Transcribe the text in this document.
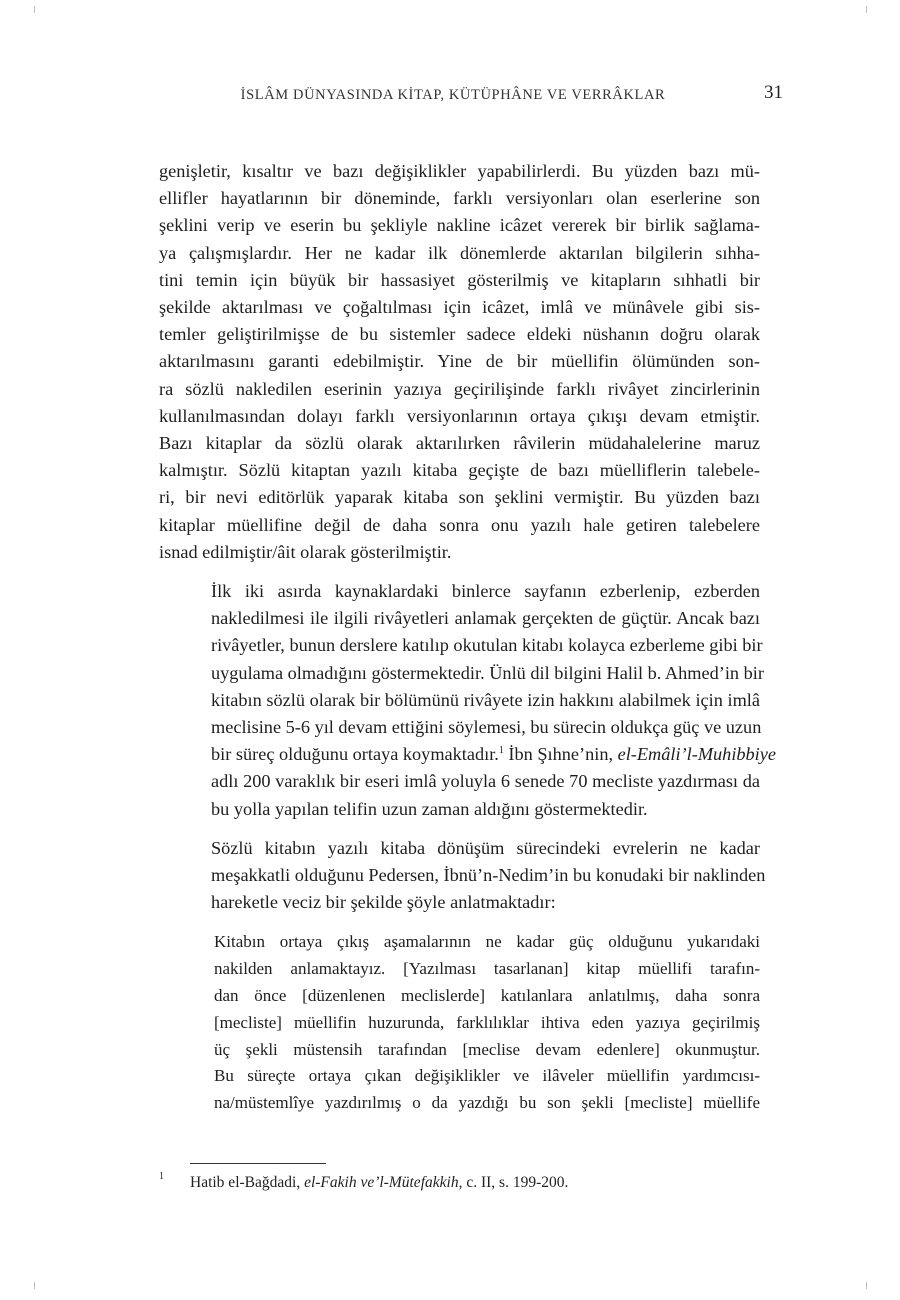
İSLÂM DÜNYASINDA KİTAP, KÜTÜPHÂNE VE VERRÂKLAR	31

genişletir, kısaltır ve bazı değişiklikler yapabilirlerdi. Bu yüzden bazı mü-
ellifler hayatlarının bir döneminde, farklı versiyonları olan eserlerine son
şeklini verip ve eserin bu şekliyle nakline icâzet vererek bir birlik sağlama-
ya çalışmışlardır. Her ne kadar ilk dönemlerde aktarılan bilgilerin sıhha-
tini temin için büyük bir hassasiyet gösterilmiş ve kitapların sıhhatli bir
şekilde aktarılması ve çoğaltılması için icâzet, imlâ ve münâvele gibi sis-
temler geliştirilmişse de bu sistemler sadece eldeki nüshanın doğru olarak
aktarılmasını garanti edebilmiştir. Yine de bir müellifin ölümünden son-
ra sözlü nakledilen eserinin yazıya geçirilişinde farklı rivâyet zincirlerinin
kullanılmasından dolayı farklı versiyonlarının ortaya çıkışı devam etmiştir.
Bazı kitaplar da sözlü olarak aktarılırken râvilerin müdahalelerine maruz
kalmıştır. Sözlü kitaptan yazılı kitaba geçişte de bazı müelliflerin talebele-
ri, bir nevi editörlük yaparak kitaba son şeklini vermiştir. Bu yüzden bazı
kitaplar müellifine değil de daha sonra onu yazılı hale getiren talebelere
isnad edilmiştir/âit olarak gösterilmiştir.

İlk iki asırda kaynaklardaki binlerce sayfanın ezberlenip, ezberden
nakledilmesi ile ilgili rivâyetleri anlamak gerçekten de güçtür. Ancak bazı
rivâyetler, bunun derslere katılıp okutulan kitabı kolayca ezberleme gibi bir
uygulama olmadığını göstermektedir. Ünlü dil bilgini Halil b. Ahmed’in bir
kitabın sözlü olarak bir bölümünü rivâyete izin hakkını alabilmek için imlâ
meclisine 5-6 yıl devam ettiğini söylemesi, bu sürecin oldukça güç ve uzun
bir süreç olduğunu ortaya koymaktadır.$^1$ İbn Şıhne’nin, el-Emâli’l-Muhibbiye
adlı 200 varaklık bir eseri imlâ yoluyla 6 senede 70 mecliste yazdırması da
bu yolla yapılan telifin uzun zaman aldığını göstermektedir.

Sözlü kitabın yazılı kitaba dönüşüm sürecindeki evrelerin ne kadar
meşakkatli olduğunu Pedersen, İbnü’n-Nedim’in bu konudaki bir naklinden
hareketle veciz bir şekilde şöyle anlatmaktadır:

Kitabın ortaya çıkış aşamalarının ne kadar güç olduğunu yukarıdaki
nakilden anlamaktayız. [Yazılması tasarlanan] kitap müellifi tarafın-
dan önce [düzenlenen meclislerde] katılanlara anlatılmış, daha sonra
[mecliste] müellifin huzurunda, farklılıklar ihtiva eden yazıya geçirilmiş
üç şekli müstensih tarafından [meclise devam edenlere] okunmuştur.
Bu süreçte ortaya çıkan değişiklikler ve ilâveler müellifin yardımcısı-
na/müstemlîye yazdırılmış o da yazdığı bu son şekli [mecliste] müellife
1 Hatib el-Bağdadi, el-Fakih ve’l-Mütefakkih, c. II, s. 199-200.
